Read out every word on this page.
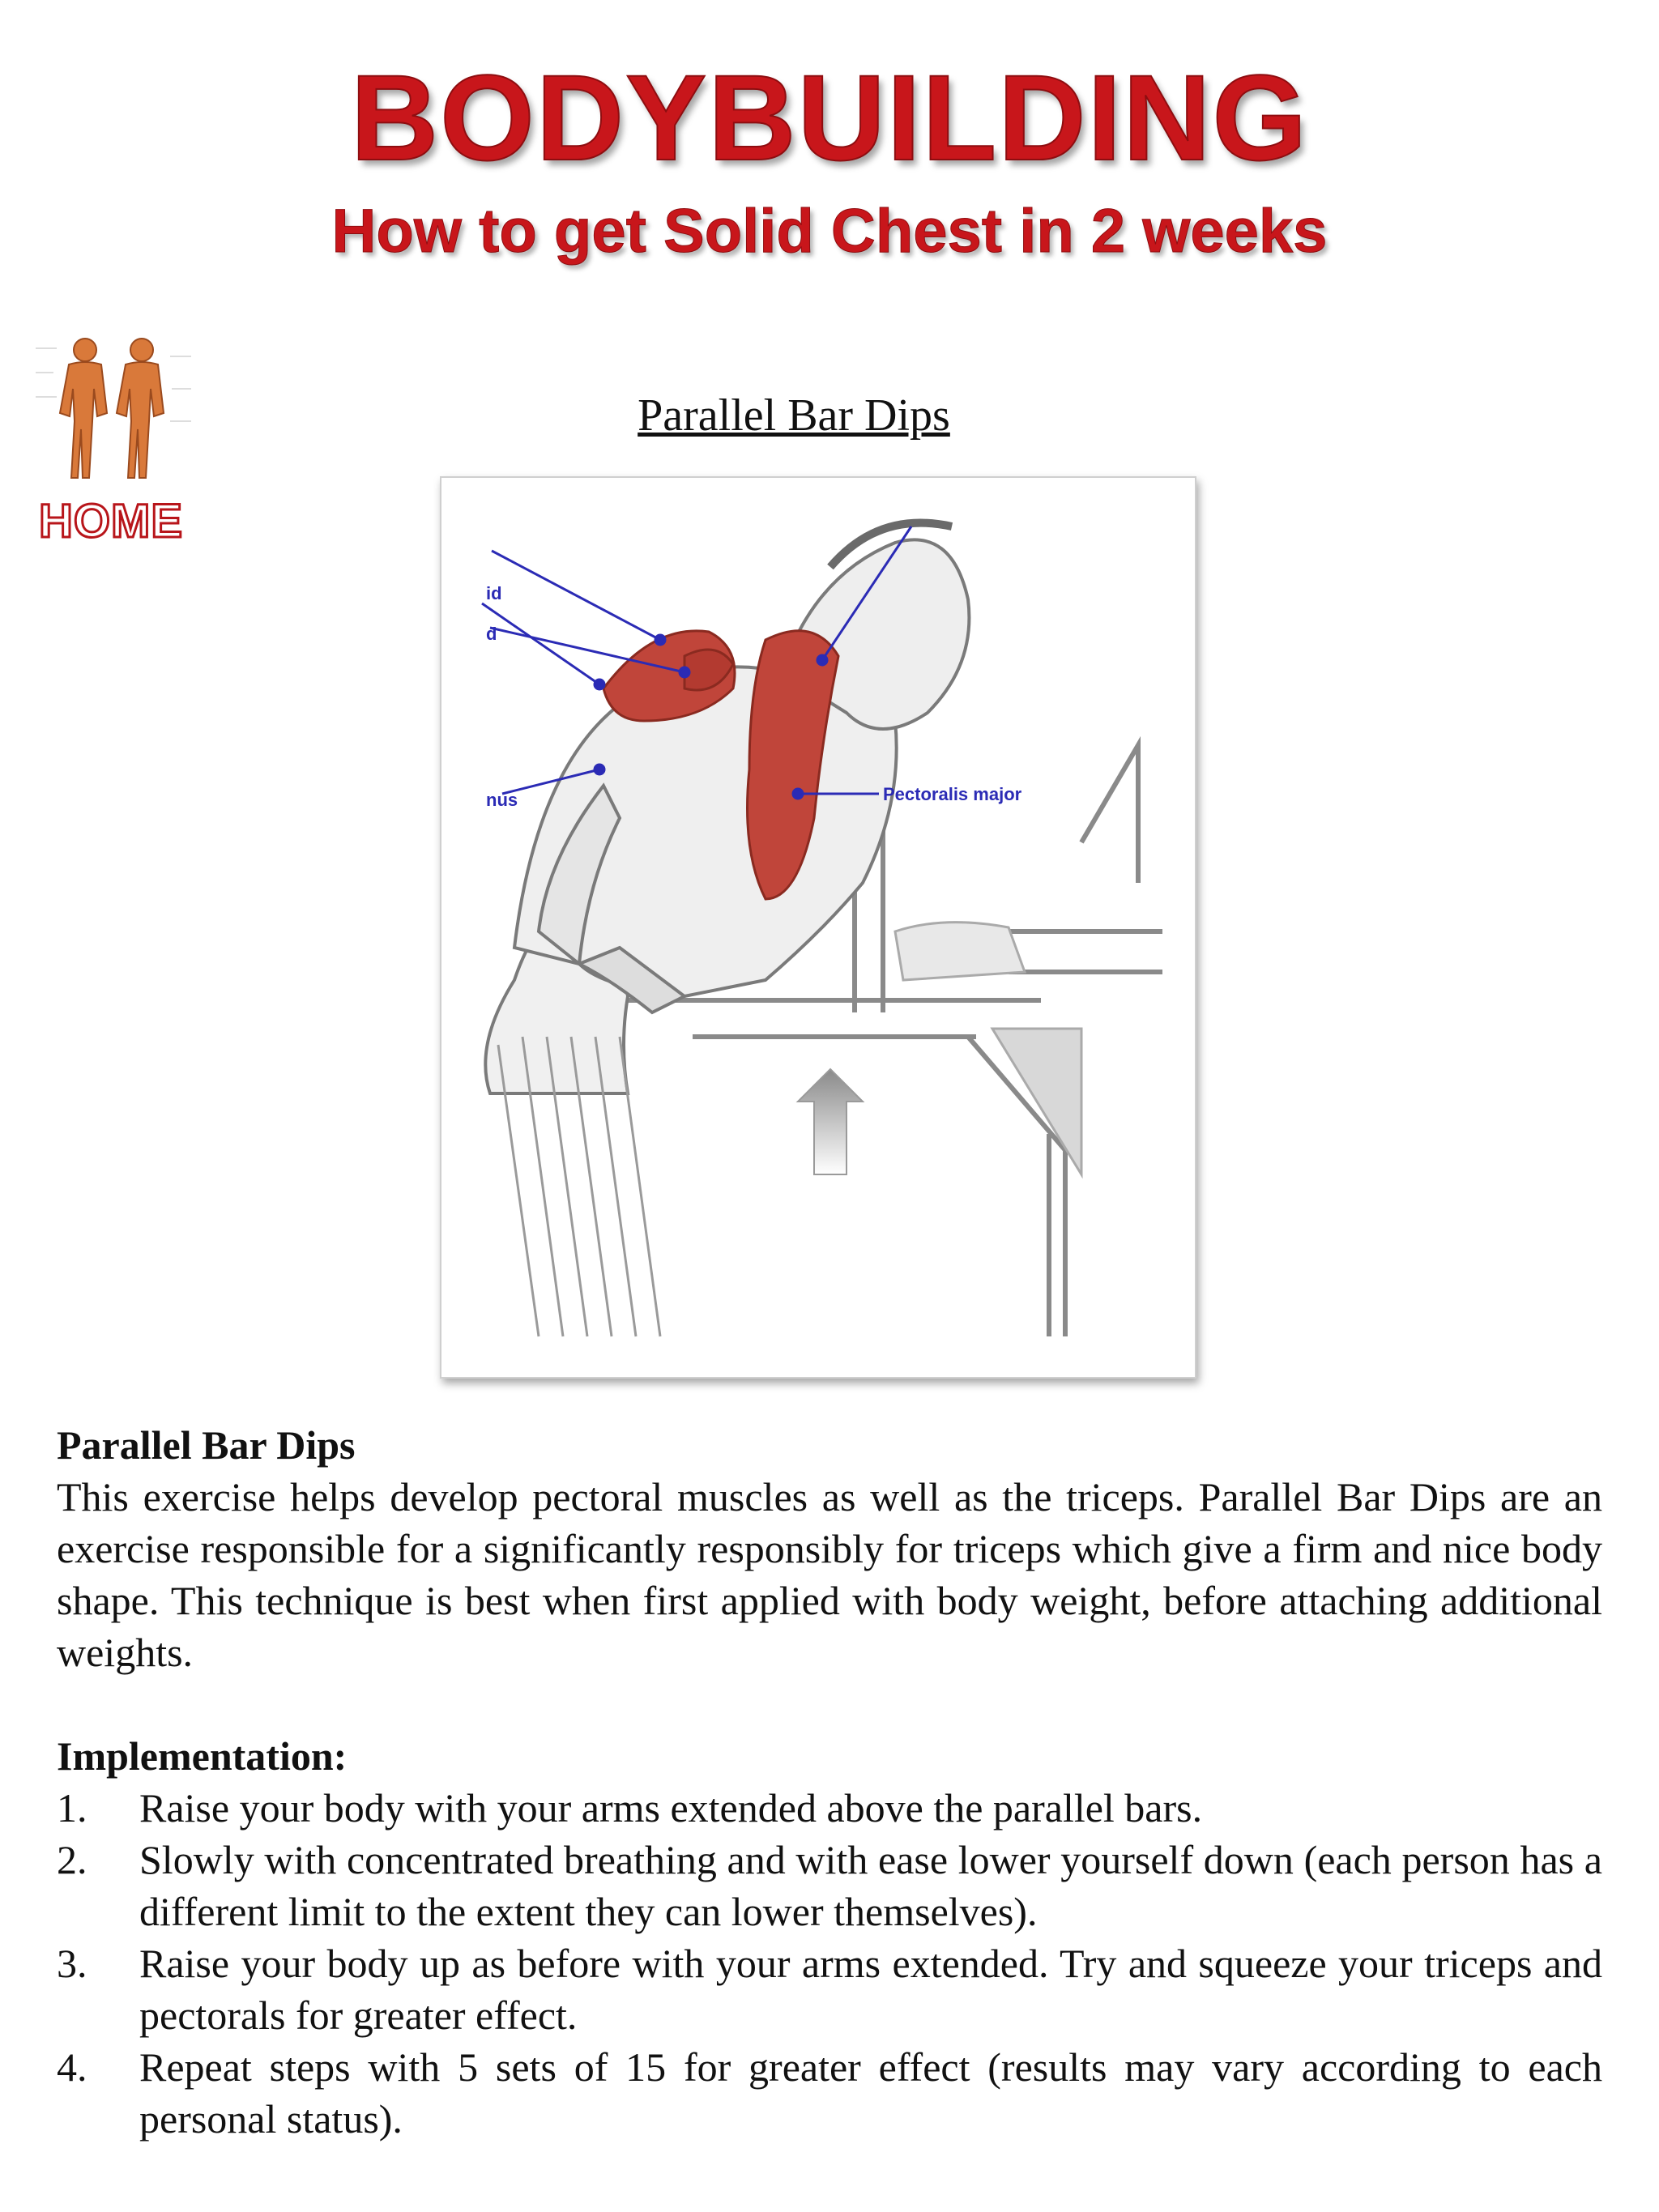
BODYBUILDING
How to get Solid Chest in 2 weeks
HOME
Parallel Bar Dips
Pectoralis major
id
d
nus
Parallel Bar Dips

This exercise helps develop pectoral muscles as well as the triceps. Parallel Bar Dips are an exercise responsible for a significantly responsibly for triceps which give a firm and nice body shape. This technique is best when first applied with body weight, before attaching additional weights.

Implementation:
1. Raise your body with your arms extended above the parallel bars.
2. Slowly with concentrated breathing and with ease lower yourself down (each person has a different limit to the extent they can lower themselves).
3. Raise your body up as before with your arms extended. Try and squeeze your triceps and pectorals for greater effect.
4. Repeat steps with 5 sets of 15 for greater effect (results may vary according to each personal status).
